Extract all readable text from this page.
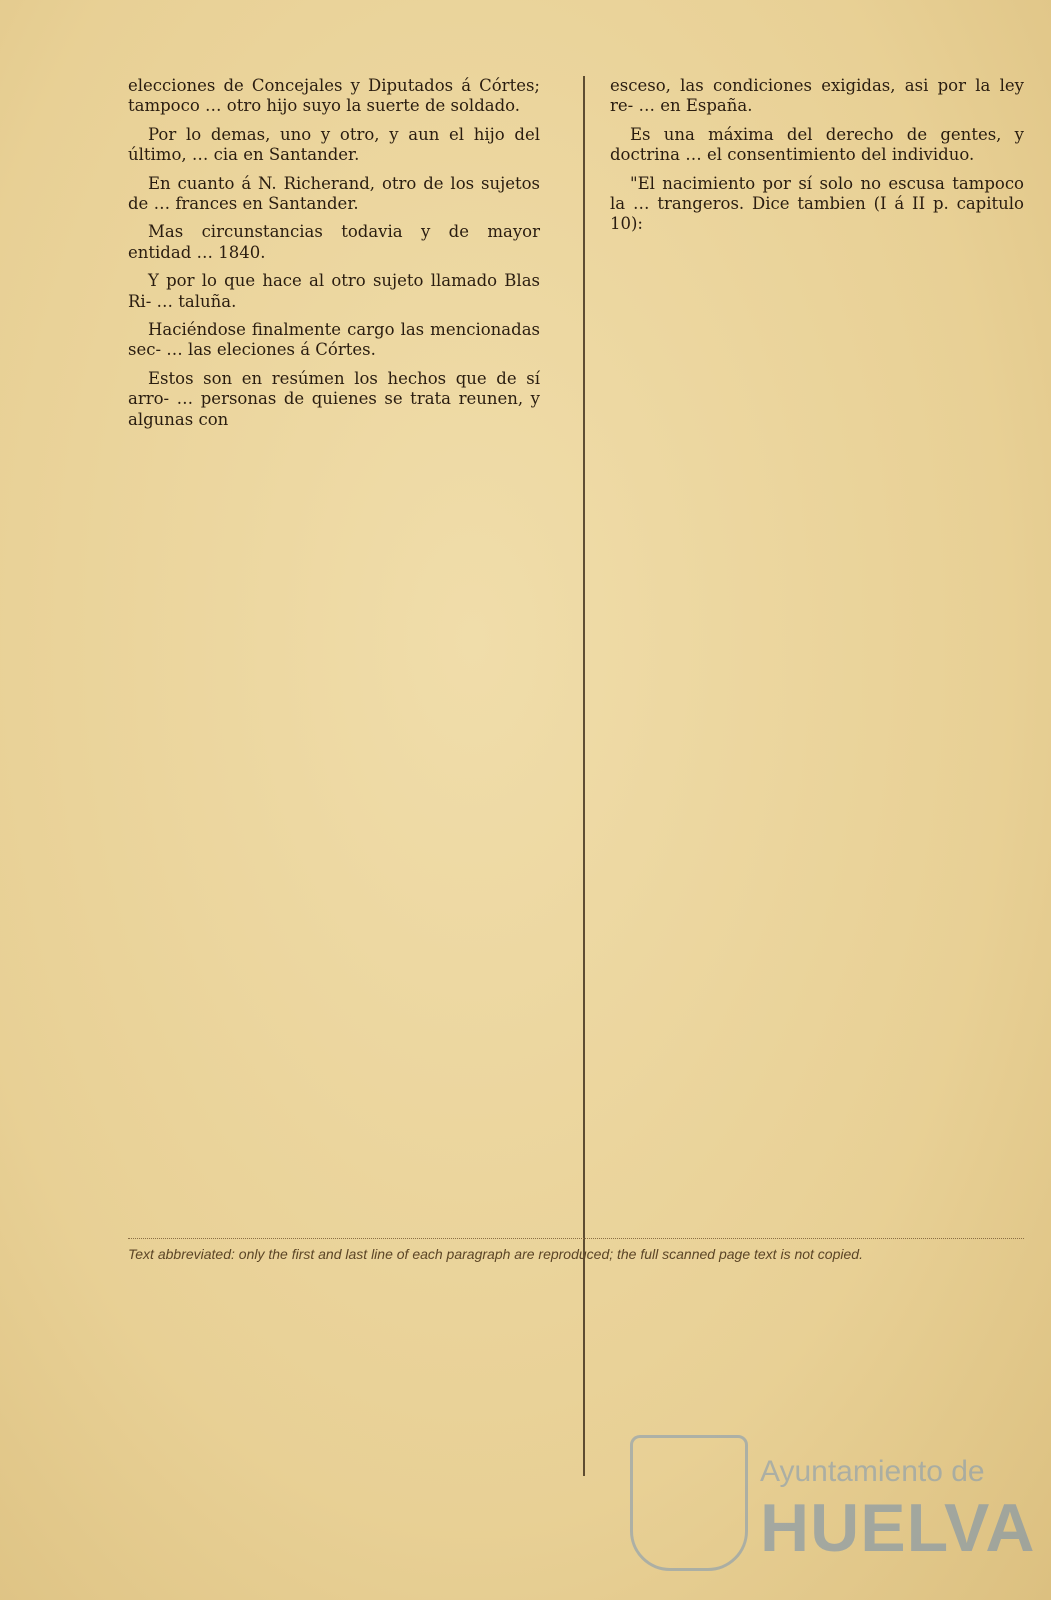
elecciones de Concejales y Diputados á Córtes; tampoco … otro hijo suyo la suerte de soldado.

Por lo demas, uno y otro, y aun el hijo del último, … cia en Santander.

En cuanto á N. Richerand, otro de los sujetos de … frances en Santander.

Mas circunstancias todavia y de mayor entidad … 1840.

Y por lo que hace al otro sujeto llamado Blas Ri- … taluña.

Haciéndose finalmente cargo las mencionadas sec- … las eleciones á Córtes.

Estos son en resúmen los hechos que de sí arro- … personas de quienes se trata reunen, y algunas con

esceso, las condiciones exigidas, asi por la ley re- … en España.

Es una máxima del derecho de gentes, y doctrina … el consentimiento del individuo.

"El nacimiento por sí solo no escusa tampoco la … trangeros. Dice tambien (I á II p. capitulo 10):

Text abbreviated: only the first and last line of each paragraph are reproduced; the full scanned page text is not copied.
Ayuntamiento de
HUELVA
